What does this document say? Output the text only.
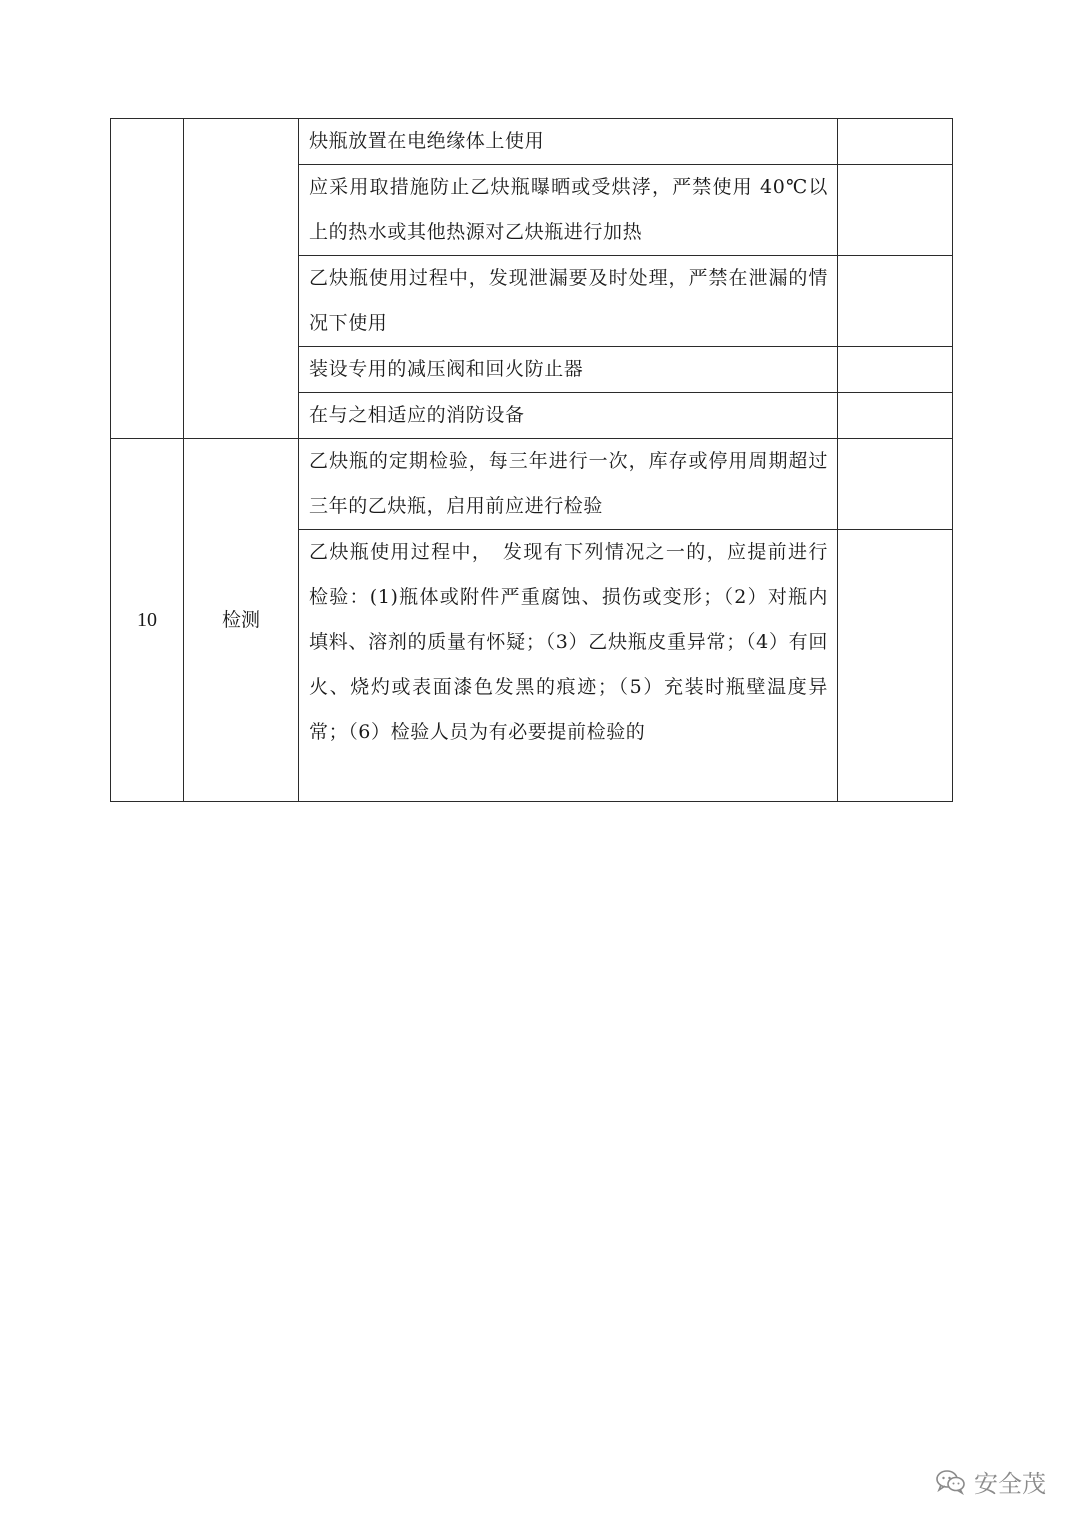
		炔瓶放置在电绝缘体上使用	
		应采用取措施防止乙炔瓶曝晒或受烘涍，严禁使用 40℃以上的热水或其他热源对乙炔瓶进行加热	
		乙炔瓶使用过程中，发现泄漏要及时处理，严禁在泄漏的情况下使用	
		装设专用的减压阀和回火防止器	
		在与之相适应的消防设备	
10	检测	乙炔瓶的定期检验，每三年进行一次，库存或停用周期超过三年的乙炔瓶，启用前应进行检验	
		乙炔瓶使用过程中，　发现有下列情况之一的，应提前进行检验：(1)瓶体或附件严重腐蚀、损伤或变形；（2）对瓶内填料、溶剂的质量有怀疑；（3）乙炔瓶皮重异常；（4）有回火、烧灼或表面漆色发黑的痕迹；（5）充装时瓶壁温度异常；（6）检验人员为有必要提前检验的	
安全茂
